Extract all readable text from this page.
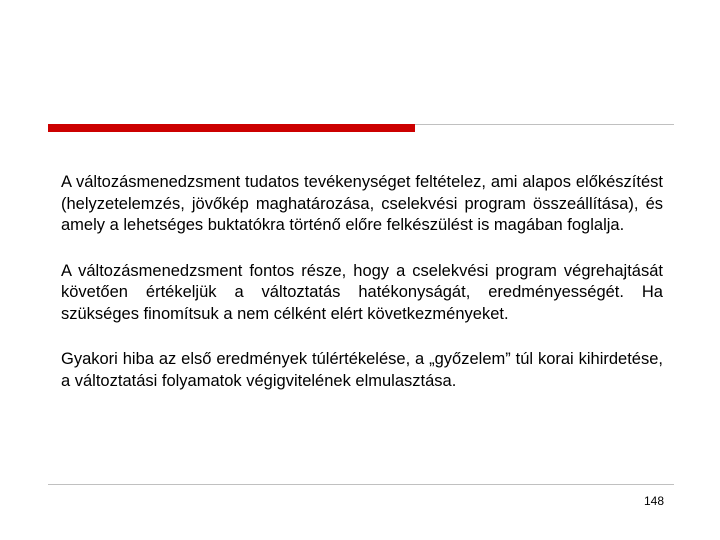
A változásmenedzsment tudatos tevékenységet feltételez, ami alapos előkészítést (helyzetelemzés, jövőkép maghatározása, cselekvési program összeállítása), és amely a lehetséges buktatókra történő előre felkészülést is magában foglalja.

A változásmenedzsment fontos része, hogy a cselekvési program végrehajtását követően értékeljük a változtatás hatékonyságát, eredményességét. Ha szükséges finomítsuk a nem célként elért következményeket.

Gyakori hiba az első eredmények túlértékelése, a „győzelem” túl korai kihirdetése, a változtatási folyamatok végigvitelének elmulasztása.

148
